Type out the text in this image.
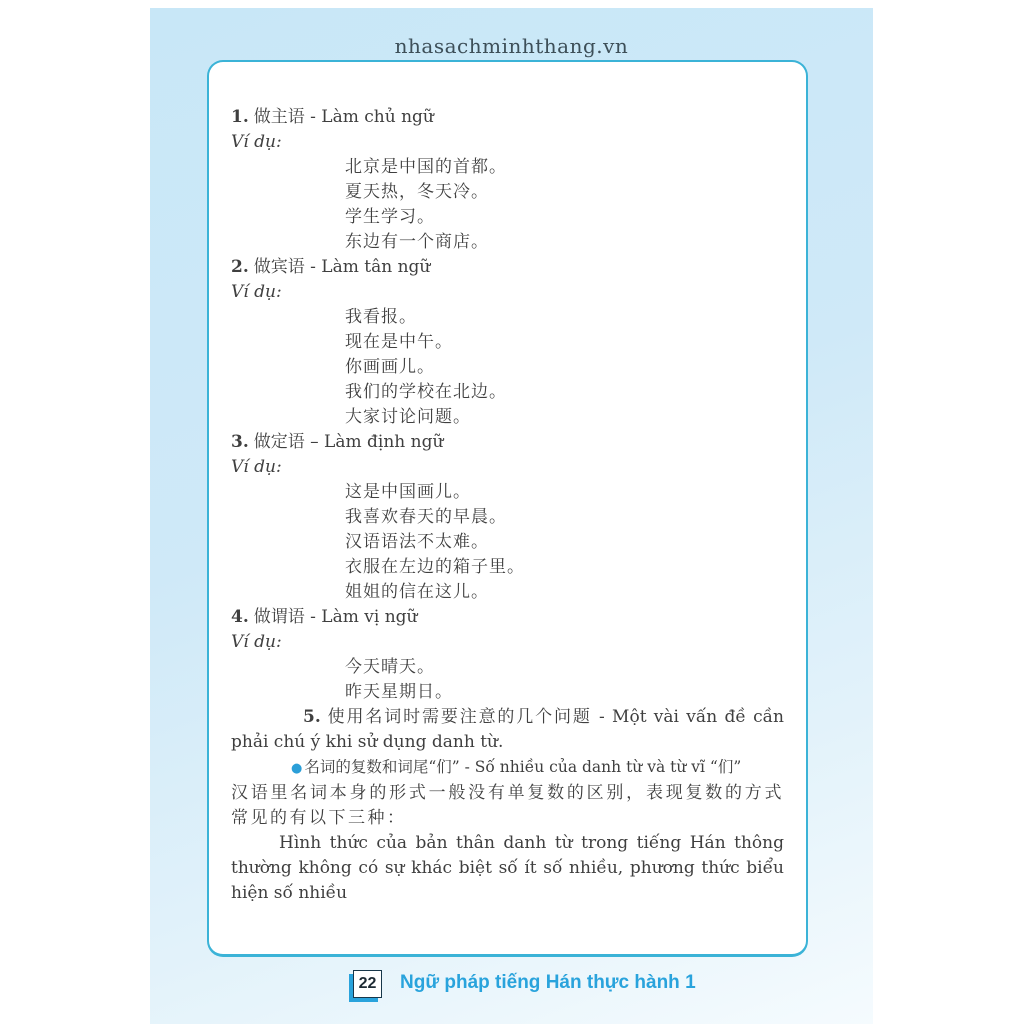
nhasachminhthang.vn

1. 做主语 - Làm chủ ngữ

Ví dụ:

北京是中国的首都。

夏天热，冬天冷。

学生学习。

东边有一个商店。

2. 做宾语 - Làm tân ngữ

Ví dụ:

我看报。

现在是中午。

你画画儿。

我们的学校在北边。

大家讨论问题。

3. 做定语 – Làm định ngữ

Ví dụ:

这是中国画儿。

我喜欢春天的早晨。

汉语语法不太难。

衣服在左边的箱子里。

姐姐的信在这儿。

4. 做谓语 - Làm vị ngữ

Ví dụ:

今天晴天。

昨天星期日。

5. 使用名词时需要注意的几个问题 - Một vài vấn đề cần phải chú ý khi sử dụng danh từ.

● 名词的复数和词尾“们” - Số nhiều của danh từ và từ vĩ “们”

汉语里名词本身的形式一般没有单复数的区别，表现复数的方式常见的有以下三种：

Hình thức của bản thân danh từ trong tiếng Hán thông thường không có sự khác biệt số ít số nhiều, phương thức biểu hiện số nhiều

22 Ngữ pháp tiếng Hán thực hành 1
